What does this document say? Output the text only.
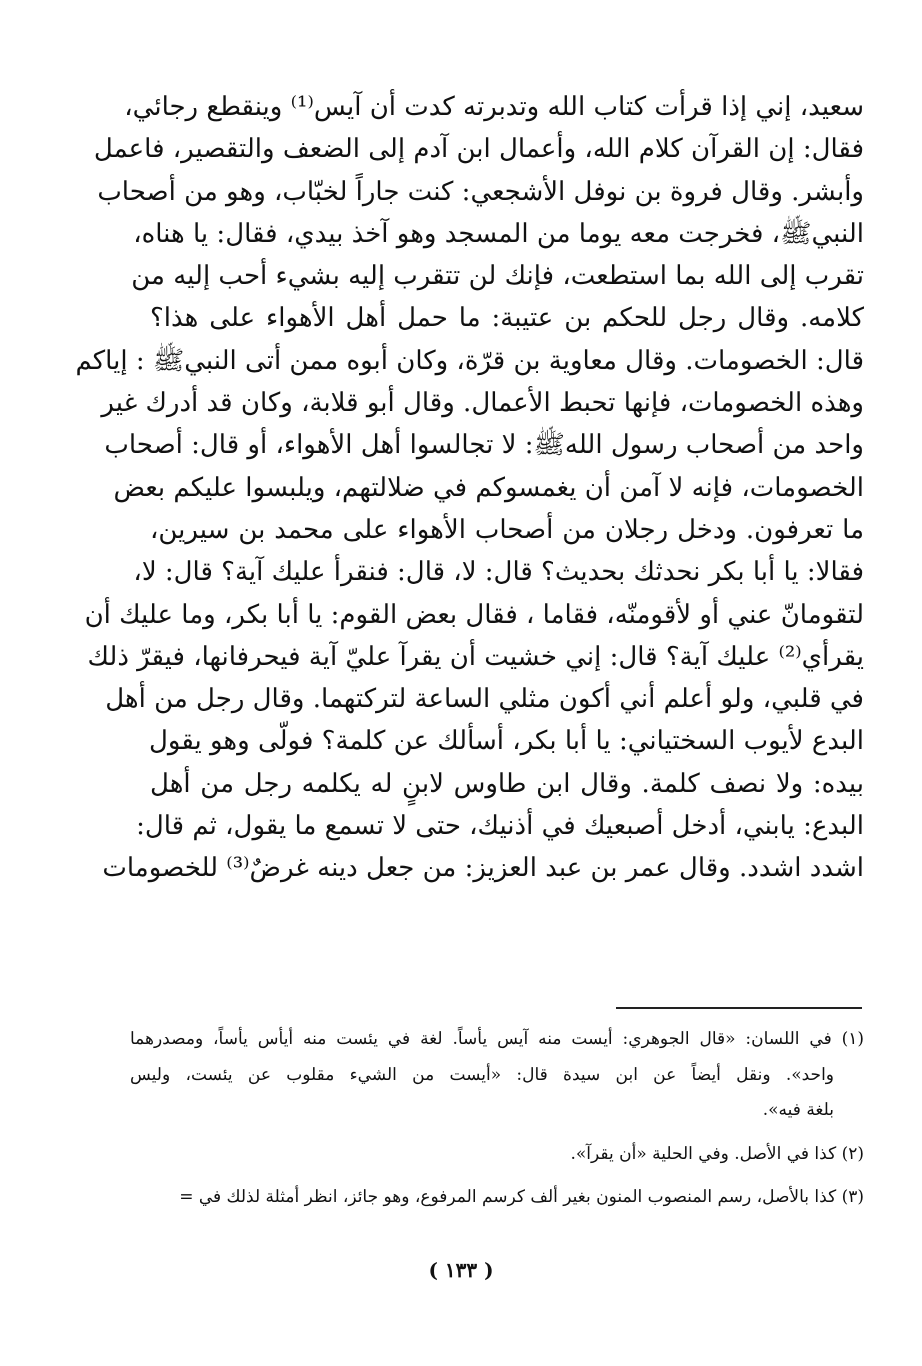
سعيد، إني إذا قرأت كتاب الله وتدبرته كدت أن آيس⁽¹⁾ وينقطع رجائي،
فقال: إن القرآن كلام الله، وأعمال ابن آدم إلى الضعف والتقصير، فاعمل
وأبشر. وقال فروة بن نوفل الأشجعي: كنت جاراً لخبّاب، وهو من أصحاب
النبيﷺ، فخرجت معه يوما من المسجد وهو آخذ بيدي، فقال: يا هناه،
تقرب إلى الله بما استطعت، فإنك لن تتقرب إليه بشيء أحب إليه من
كلامه. وقال رجل للحكم بن عتيبة: ما حمل أهل الأهواء على هذا؟
قال: الخصومات. وقال معاوية بن قرّة، وكان أبوه ممن أتى النبيﷺ : إياكم
وهذه الخصومات، فإنها تحبط الأعمال. وقال أبو قلابة، وكان قد أدرك غير
واحد من أصحاب رسول اللهﷺ: لا تجالسوا أهل الأهواء، أو قال: أصحاب
الخصومات، فإنه لا آمن أن يغمسوكم في ضلالتهم، ويلبسوا عليكم بعض
ما تعرفون. ودخل رجلان من أصحاب الأهواء على محمد بن سيرين،
فقالا: يا أبا بكر نحدثك بحديث؟ قال: لا، قال: فنقرأ عليك آية؟ قال: لا،
لتقومانّ عني أو لأقومنّه، فقاما ، فقال بعض القوم: يا أبا بكر، وما عليك أن
يقرأي⁽²⁾ عليك آية؟ قال: إني خشيت أن يقرآ عليّ آية فيحرفانها، فيقرّ ذلك
في قلبي، ولو أعلم أني أكون مثلي الساعة لتركتهما. وقال رجل من أهل
البدع لأيوب السختياني: يا أبا بكر، أسألك عن كلمة؟ فولّى وهو يقول
بيده: ولا نصف كلمة. وقال ابن طاوس لابنٍ له يكلمه رجل من أهل
البدع: يابني، أدخل أصبعيك في أذنيك، حتى لا تسمع ما يقول، ثم قال:
اشدد اشدد. وقال عمر بن عبد العزيز: من جعل دينه غرضٌ⁽³⁾ للخصومات
(١) في اللسان: «قال الجوهري: أيست منه آيس يأساً. لغة في يئست منه أيأس يأساً، ومصدرهما
واحد». ونقل أيضاً عن ابن سيدة قال: «أيست من الشيء مقلوب عن يئست، وليس
بلغة فيه».
(٢) كذا في الأصل. وفي الحلية «أن يقرآ».
(٣) كذا بالأصل، رسم المنصوب المنون بغير ألف كرسم المرفوع، وهو جائز، انظر أمثلة لذلك في =
( ١٣٣ )
